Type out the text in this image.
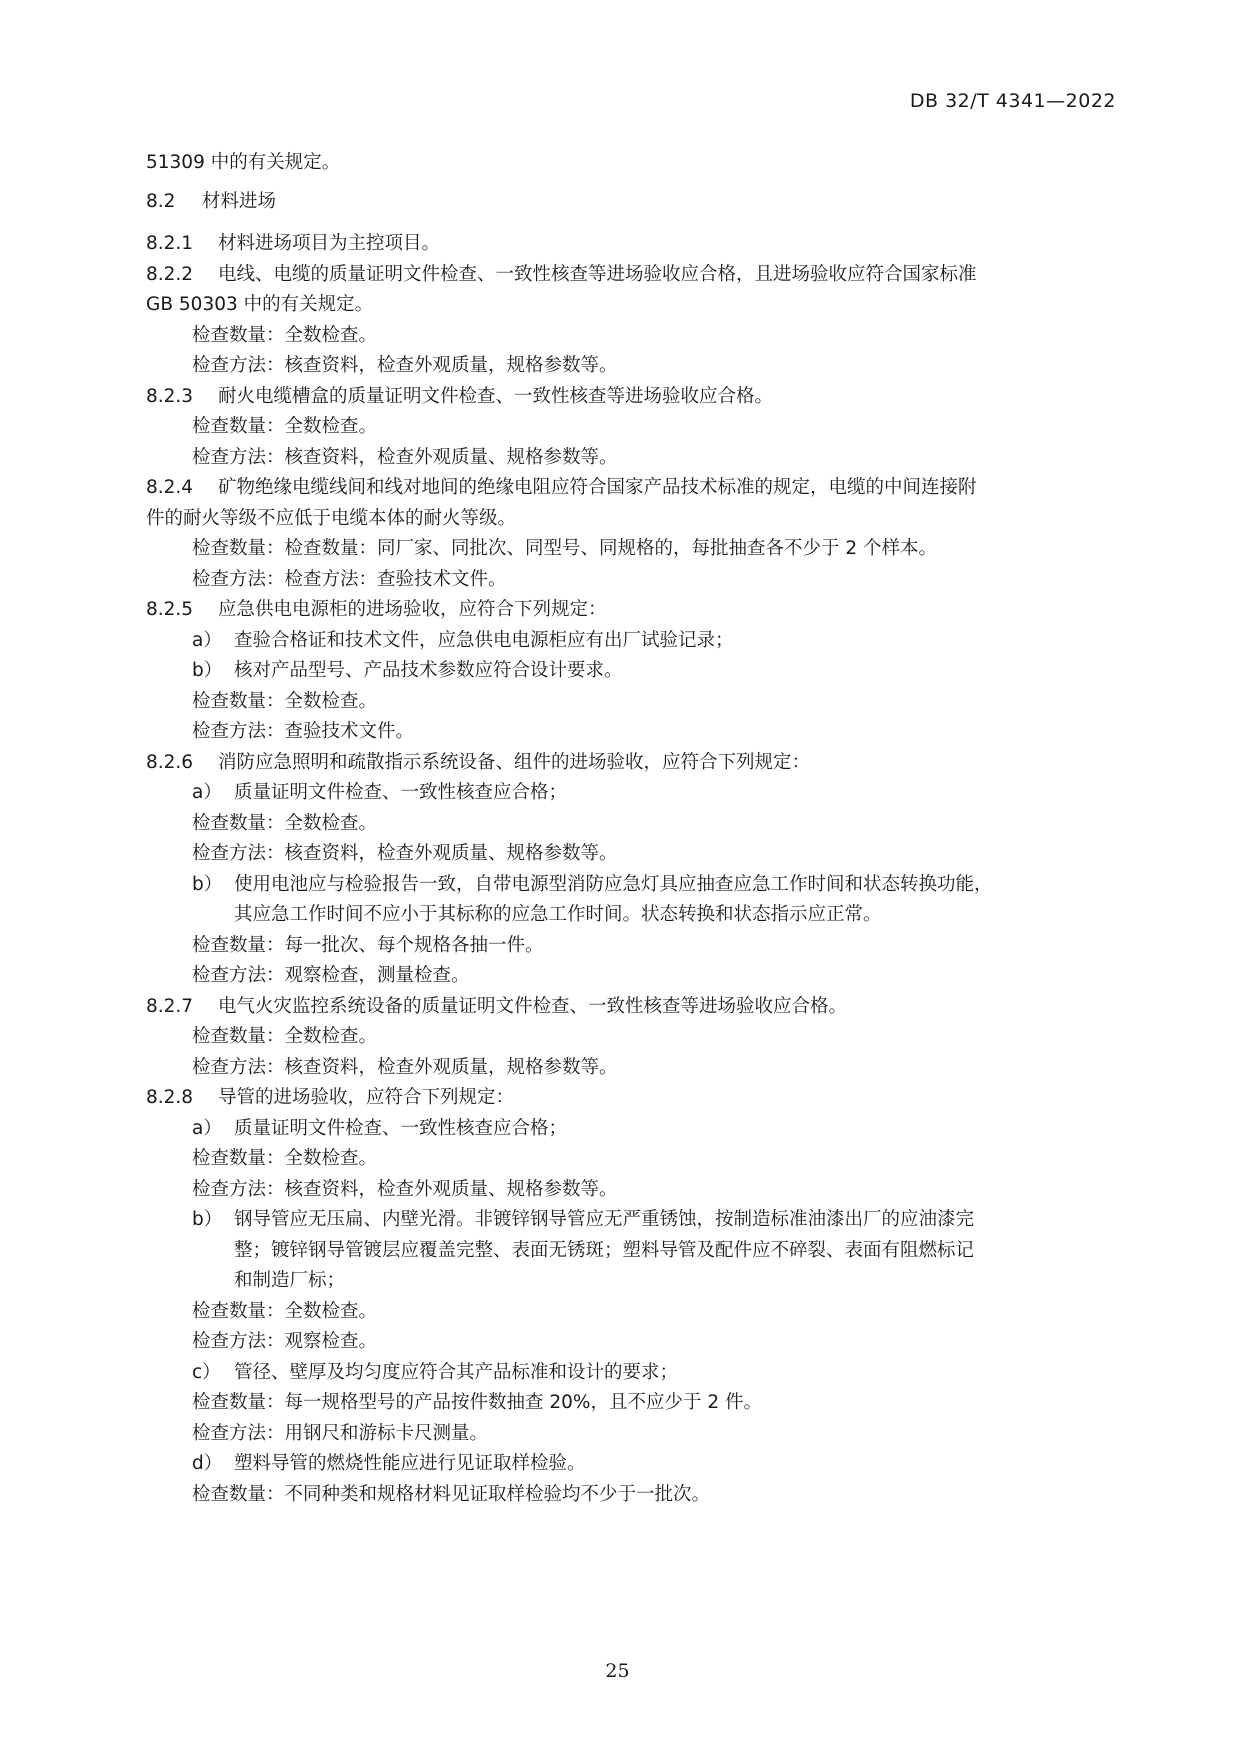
DB 32/T 4341—2022
51309 中的有关规定。
8.2 材料进场
8.2.1 材料进场项目为主控项目。
8.2.2 电线、电缆的质量证明文件检查、一致性核查等进场验收应合格，且进场验收应符合国家标准
GB 50303 中的有关规定。
检查数量：全数检查。
检查方法：核查资料，检查外观质量，规格参数等。
8.2.3 耐火电缆槽盒的质量证明文件检查、一致性核查等进场验收应合格。
检查数量：全数检查。
检查方法：核查资料，检查外观质量、规格参数等。
8.2.4 矿物绝缘电缆线间和线对地间的绝缘电阻应符合国家产品技术标准的规定，电缆的中间连接附
件的耐火等级不应低于电缆本体的耐火等级。
检查数量：检查数量：同厂家、同批次、同型号、同规格的，每批抽查各不少于 2 个样本。
检查方法：检查方法：查验技术文件。
8.2.5 应急供电电源柜的进场验收，应符合下列规定：
a） 查验合格证和技术文件，应急供电电源柜应有出厂试验记录；
b） 核对产品型号、产品技术参数应符合设计要求。
检查数量：全数检查。
检查方法：查验技术文件。
8.2.6 消防应急照明和疏散指示系统设备、组件的进场验收，应符合下列规定：
a） 质量证明文件检查、一致性核查应合格；
检查数量：全数检查。
检查方法：核查资料，检查外观质量、规格参数等。
b） 使用电池应与检验报告一致，自带电源型消防应急灯具应抽查应急工作时间和状态转换功能，
其应急工作时间不应小于其标称的应急工作时间。状态转换和状态指示应正常。
检查数量：每一批次、每个规格各抽一件。
检查方法：观察检查，测量检查。
8.2.7 电气火灾监控系统设备的质量证明文件检查、一致性核查等进场验收应合格。
检查数量：全数检查。
检查方法：核查资料，检查外观质量，规格参数等。
8.2.8 导管的进场验收，应符合下列规定：
a） 质量证明文件检查、一致性核查应合格；
检查数量：全数检查。
检查方法：核查资料，检查外观质量、规格参数等。
b） 钢导管应无压扁、内壁光滑。非镀锌钢导管应无严重锈蚀，按制造标准油漆出厂的应油漆完
整；镀锌钢导管镀层应覆盖完整、表面无锈斑；塑料导管及配件应不碎裂、表面有阻燃标记
和制造厂标；
检查数量：全数检查。
检查方法：观察检查。
c） 管径、壁厚及均匀度应符合其产品标准和设计的要求；
检查数量：每一规格型号的产品按件数抽查 20%，且不应少于 2 件。
检查方法：用钢尺和游标卡尺测量。
d） 塑料导管的燃烧性能应进行见证取样检验。
检查数量：不同种类和规格材料见证取样检验均不少于一批次。
25
